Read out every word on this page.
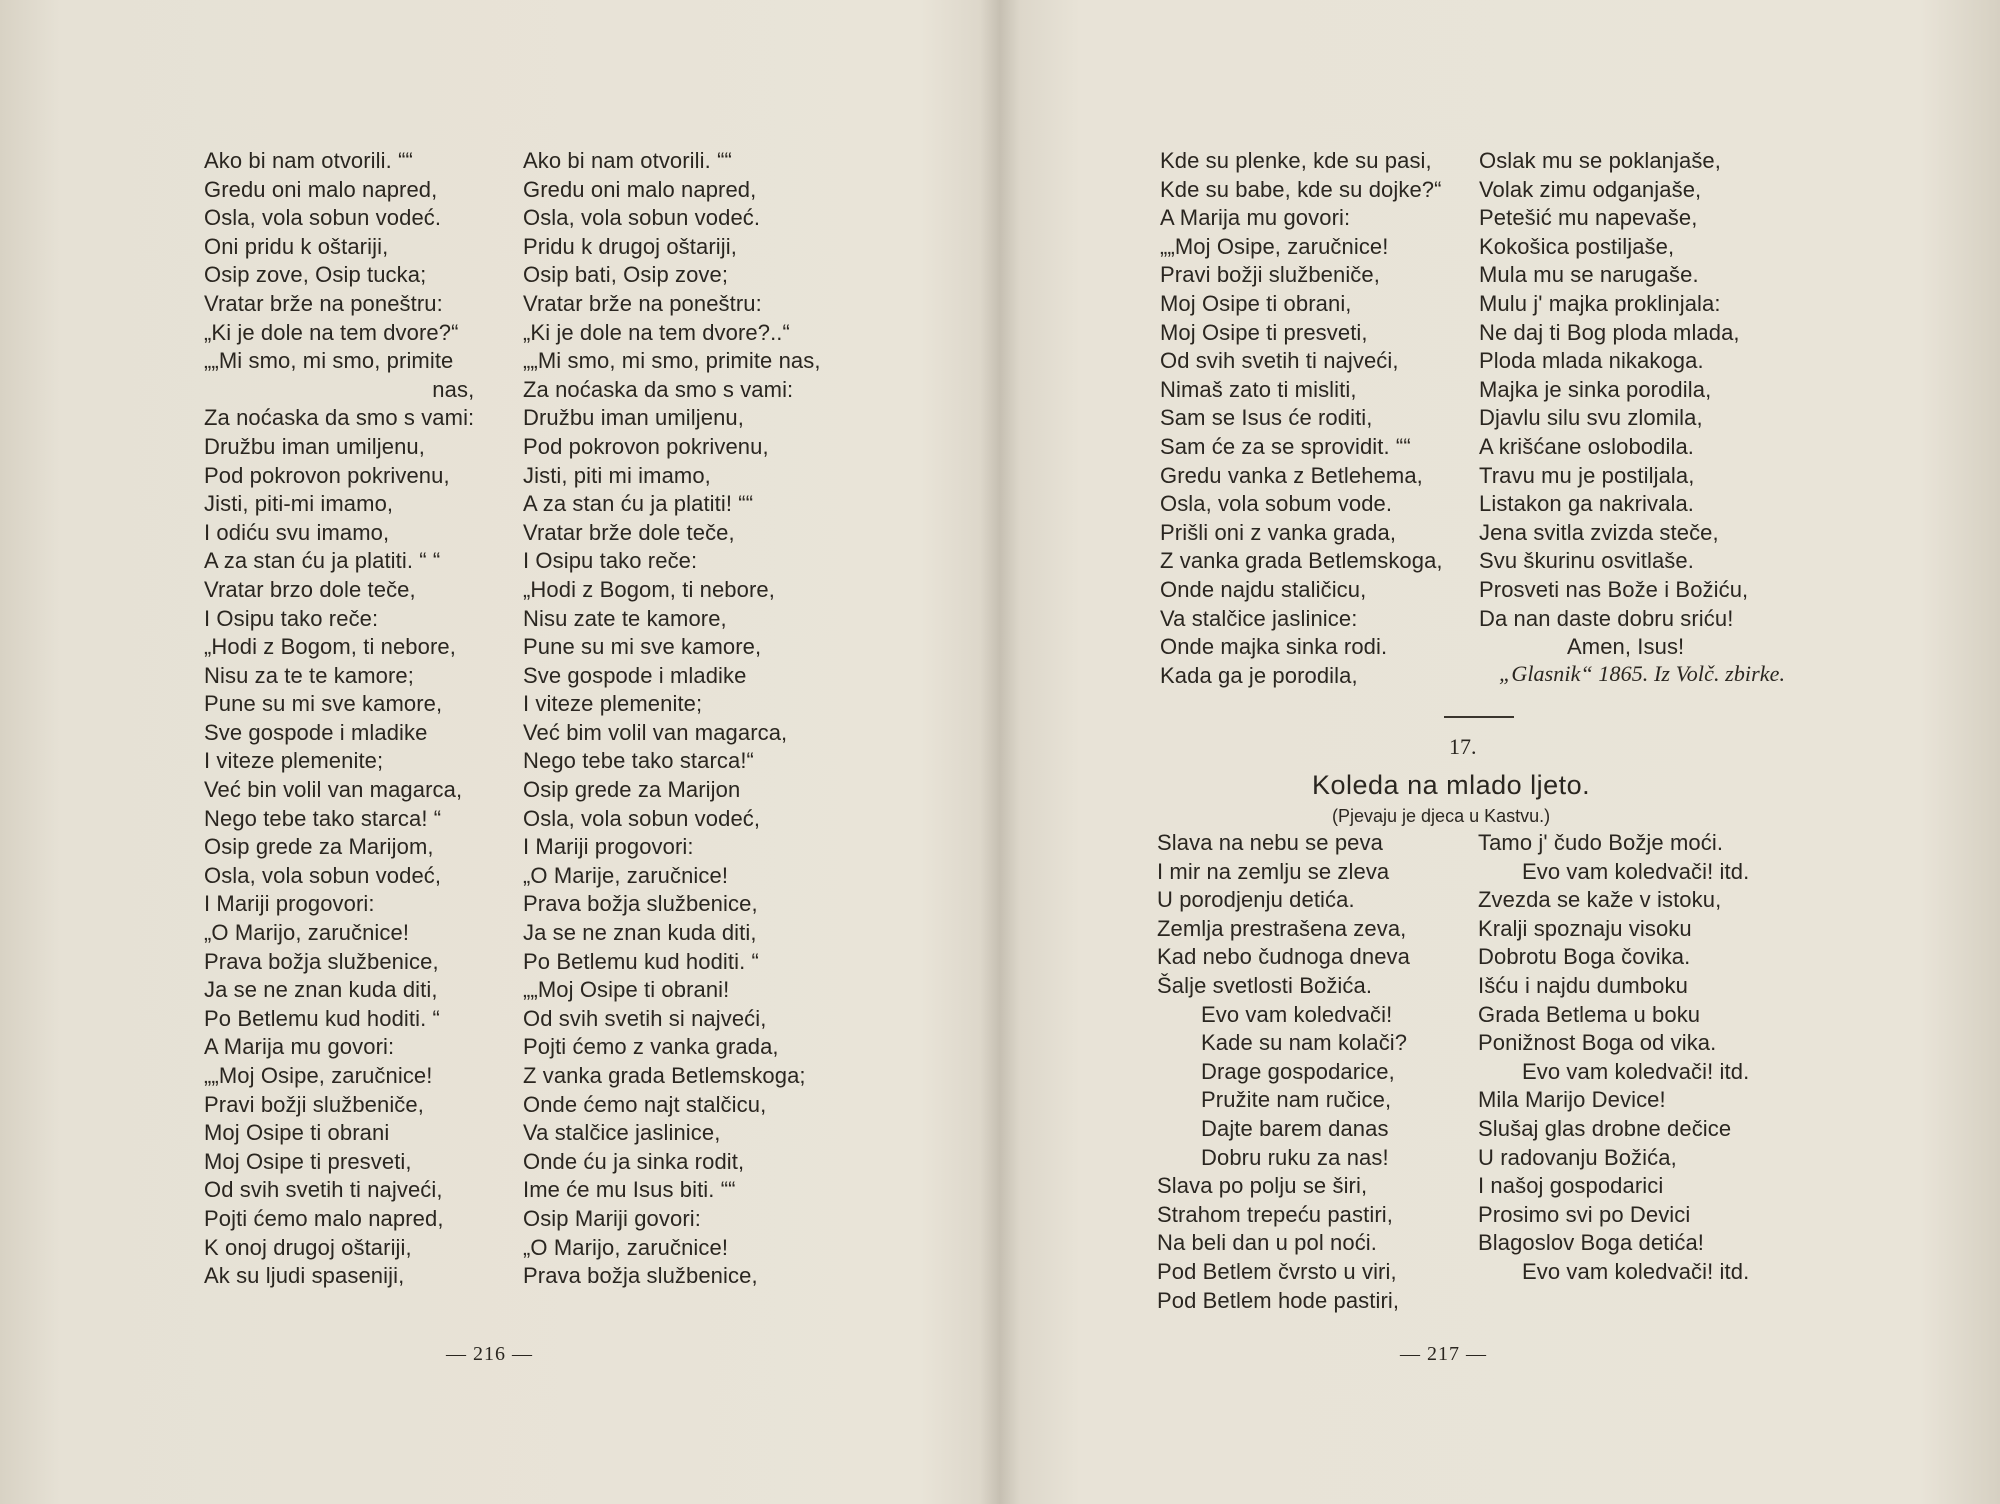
Ako bi nam otvorili. ““
Gredu oni malo napred,
Osla, vola sobun vodeć.
Oni pridu k oštariji,
Osip zove, Osip tucka;
Vratar brže na poneštru:
„Ki je dole na tem dvore?“
„„Mi smo, mi smo, primite
nas,
Za noćaska da smo s vami:
Družbu iman umiljenu,
Pod pokrovon pokrivenu,
Jisti, piti-mi imamo,
I odiću svu imamo,
A za stan ću ja platiti. “ “
Vratar brzo dole teče,
I Osipu tako reče:
„Hodi z Bogom, ti nebore,
Nisu za te te kamore;
Pune su mi sve kamore,
Sve gospode i mladike
I viteze plemenite;
Već bin volil van magarca,
Nego tebe tako starca! “
Osip grede za Marijom,
Osla, vola sobun vodeć,
I Mariji progovori:
„O Marijo, zaručnice!
Prava božja službenice,
Ja se ne znan kuda diti,
Po Betlemu kud hoditi. “
A Marija mu govori:
„„Moj Osipe, zaručnice!
Pravi božji službeniče,
Moj Osipe ti obrani
Moj Osipe ti presveti,
Od svih svetih ti najveći,
Pojti ćemo malo napred,
K onoj drugoj oštariji,
Ak su ljudi spaseniji,
Ako bi nam otvorili. ““
Gredu oni malo napred,
Osla, vola sobun vodeć.
Pridu k drugoj oštariji,
Osip bati, Osip zove;
Vratar brže na poneštru:
„Ki je dole na tem dvore?..“
„„Mi smo, mi smo, primite nas,
Za noćaska da smo s vami:
Družbu iman umiljenu,
Pod pokrovon pokrivenu,
Jisti, piti mi imamo,
A za stan ću ja platiti! ““
Vratar brže dole teče,
I Osipu tako reče:
„Hodi z Bogom, ti nebore,
Nisu zate te kamore,
Pune su mi sve kamore,
Sve gospode i mladike
I viteze plemenite;
Već bim volil van magarca,
Nego tebe tako starca!“
Osip grede za Marijon
Osla, vola sobun vodeć,
I Mariji progovori:
„O Marije, zaručnice!
Prava božja službenice,
Ja se ne znan kuda diti,
Po Betlemu kud hoditi. “
„„Moj Osipe ti obrani!
Od svih svetih si najveći,
Pojti ćemo z vanka grada,
Z vanka grada Betlemskoga;
Onde ćemo najt stalčicu,
Va stalčice jaslinice,
Onde ću ja sinka rodit,
Ime će mu Isus biti. ““
Osip Mariji govori:
„O Marijo, zaručnice!
Prava božja službenice,
— 216 —
Kde su plenke, kde su pasi,
Kde su babe, kde su dojke?“
A Marija mu govori:
„„Moj Osipe, zaručnice!
Pravi božji službeniče,
Moj Osipe ti obrani,
Moj Osipe ti presveti,
Od svih svetih ti najveći,
Nimaš zato ti misliti,
Sam se Isus će roditi,
Sam će za se sprovidit. ““
Gredu vanka z Betlehema,
Osla, vola sobum vode.
Prišli oni z vanka grada,
Z vanka grada Betlemskoga,
Onde najdu staličicu,
Va stalčice jaslinice:
Onde majka sinka rodi.
Kada ga je porodila,
Oslak mu se poklanjaše,
Volak zimu odganjaše,
Petešić mu napevaše,
Kokošica postiljaše,
Mula mu se narugaše.
Mulu j' majka proklinjala:
Ne daj ti Bog ploda mlada,
Ploda mlada nikakoga.
Majka je sinka porodila,
Djavlu silu svu zlomila,
A krišćane oslobodila.
Travu mu je postiljala,
Listakon ga nakrivala.
Jena svitla zvizda steče,
Svu škurinu osvitlaše.
Prosveti nas Bože i Božiću,
Da nan daste dobru sriću!
Amen, Isus!
„Glasnik“ 1865. Iz Volč. zbirke.
17.
Koleda na mlado ljeto.
(Pjevaju je djeca u Kastvu.)
Slava na nebu se peva
I mir na zemlju se zleva
U porodjenju detića.
Zemlja prestrašena zeva,
Kad nebo čudnoga dneva
Šalje svetlosti Božića.
Evo vam koledvači!
Kade su nam kolači?
Drage gospodarice,
Pružite nam ručice,
Dajte barem danas
Dobru ruku za nas!
Slava po polju se širi,
Strahom trepeću pastiri,
Na beli dan u pol noći.
Pod Betlem čvrsto u viri,
Pod Betlem hode pastiri,
Tamo j' čudo Božje moći.
Evo vam koledvači! itd.
Zvezda se kaže v istoku,
Kralji spoznaju visoku
Dobrotu Boga čovika.
Išću i najdu dumboku
Grada Betlema u boku
Ponižnost Boga od vika.
Evo vam koledvači! itd.
Mila Marijo Device!
Slušaj glas drobne dečice
U radovanju Božića,
I našoj gospodarici
Prosimo svi po Devici
Blagoslov Boga detića!
Evo vam koledvači! itd.
— 217 —
